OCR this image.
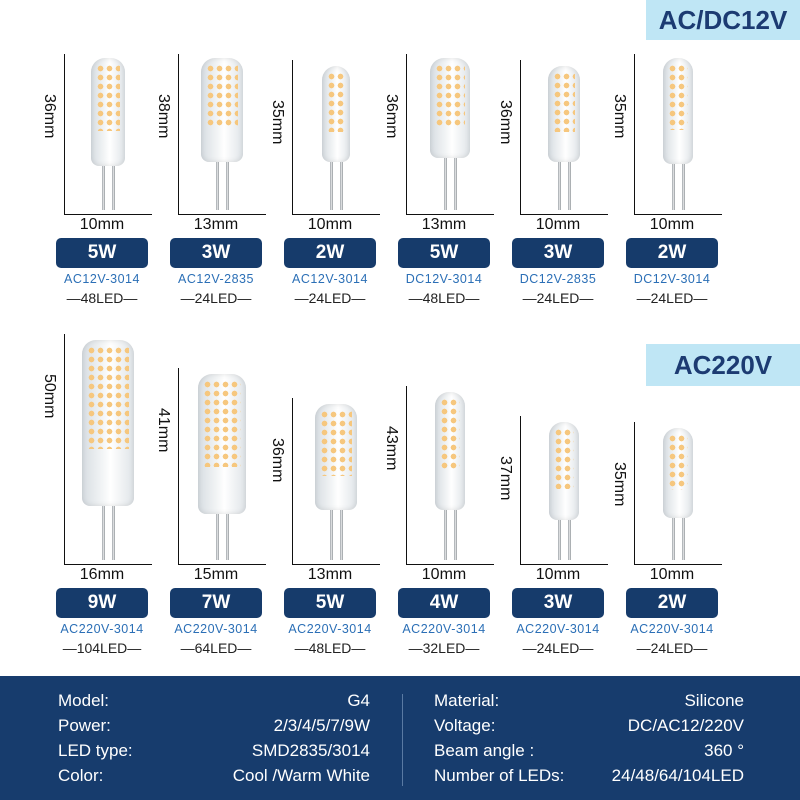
AC/DC12V
AC220V
36mm
10mm
5W
AC12V-3014
—48LED—
38mm
13mm
3W
AC12V-2835
—24LED—
35mm
10mm
2W
AC12V-3014
—24LED—
36mm
13mm
5W
DC12V-3014
—48LED—
36mm
10mm
3W
DC12V-2835
—24LED—
35mm
10mm
2W
DC12V-3014
—24LED—
50mm
16mm
9W
AC220V-3014
—104LED—
41mm
15mm
7W
AC220V-3014
—64LED—
36mm
13mm
5W
AC220V-3014
—48LED—
43mm
10mm
4W
AC220V-3014
—32LED—
37mm
10mm
3W
AC220V-3014
—24LED—
35mm
10mm
2W
AC220V-3014
—24LED—
Model:	G4
Power:	2/3/4/5/7/9W
LED type:	SMD2835/3014
Color:	Cool /Warm White
Material:	Silicone
Voltage:	DC/AC12/220V
Beam angle :	360 °
Number of LEDs:	24/48/64/104LED
